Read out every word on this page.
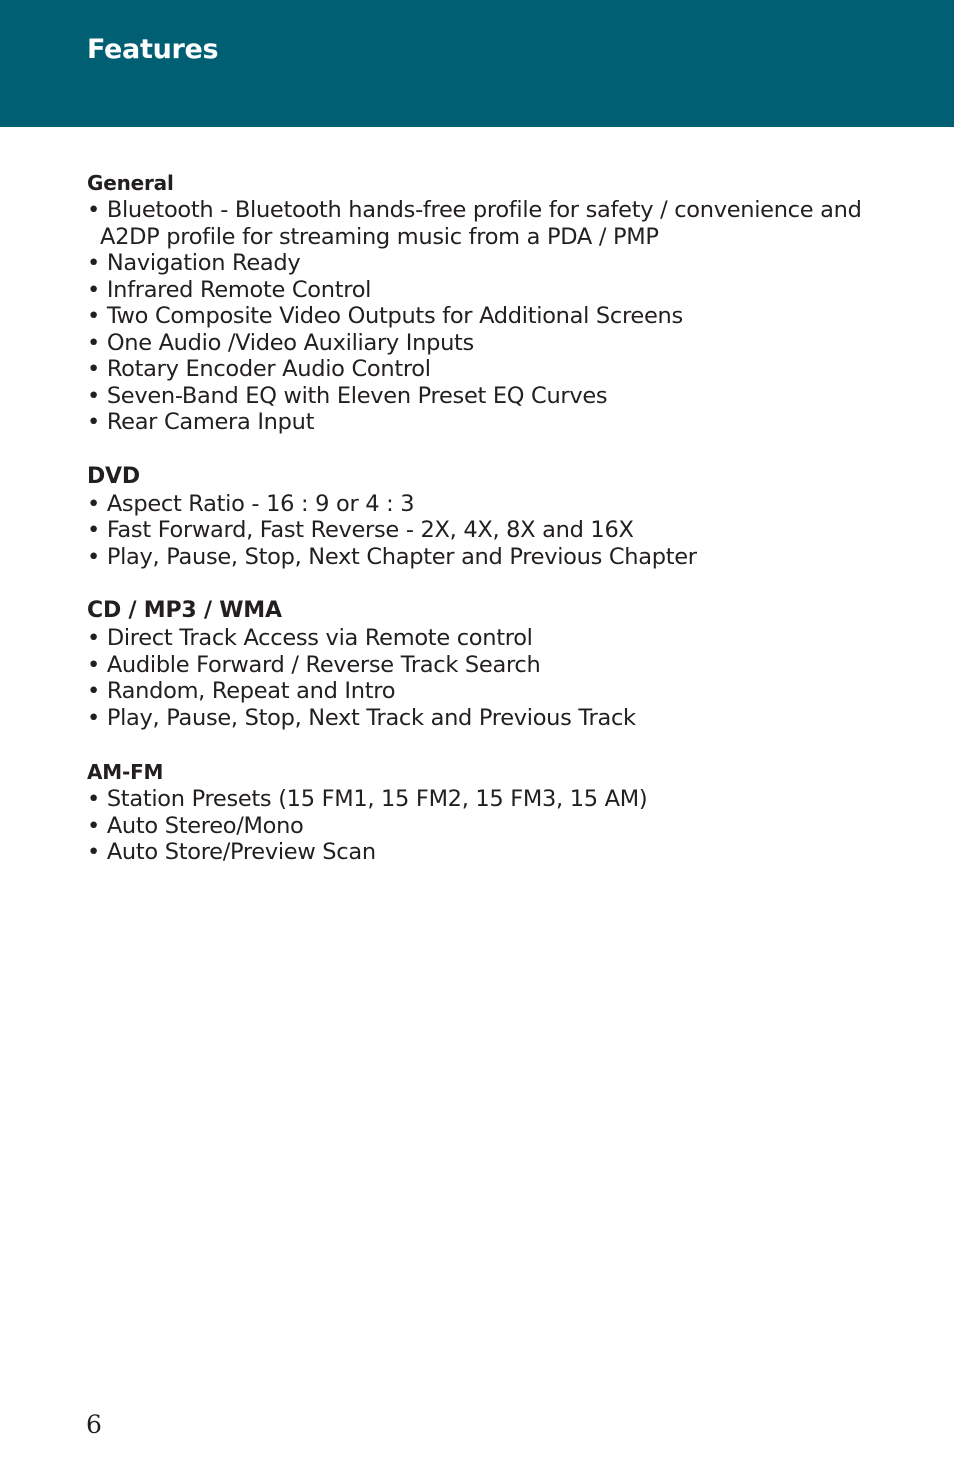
Features
General
• Bluetooth - Bluetooth hands-free profile for safety / convenience and A2DP profile for streaming music from a PDA / PMP
• Navigation Ready
• Infrared Remote Control
• Two Composite Video Outputs for Additional Screens
• One Audio /Video Auxiliary Inputs
• Rotary Encoder Audio Control
• Seven-Band EQ with Eleven Preset EQ Curves
• Rear Camera Input
DVD
• Aspect Ratio - 16 : 9 or 4 : 3
• Fast Forward, Fast Reverse - 2X, 4X, 8X and 16X
• Play, Pause, Stop, Next Chapter and Previous Chapter
CD / MP3 / WMA
• Direct Track Access via Remote control
• Audible Forward / Reverse Track Search
• Random, Repeat and Intro
• Play, Pause, Stop, Next Track and Previous Track
AM-FM
• Station Presets (15 FM1, 15 FM2, 15 FM3, 15 AM)
• Auto Stereo/Mono
• Auto Store/Preview Scan
6
